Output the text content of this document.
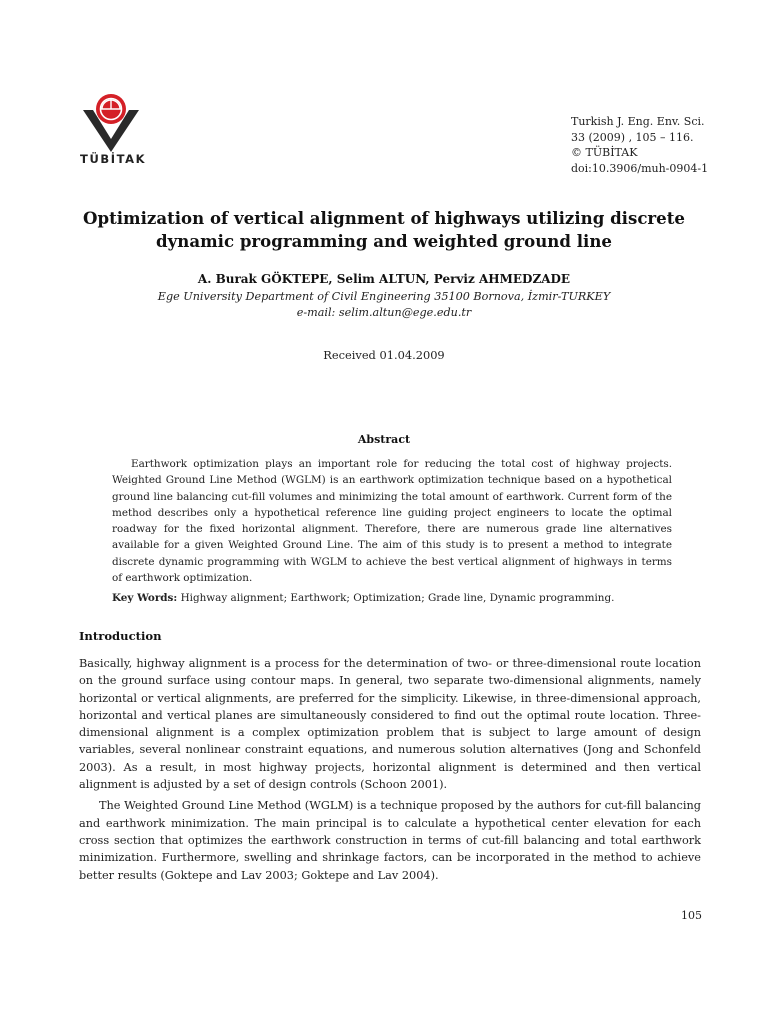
TÜBİTAK
Turkish J. Eng. Env. Sci.
33 (2009) , 105 – 116.
© TÜBİTAK
doi:10.3906/muh-0904-1
Optimization of vertical alignment of highways utilizing discrete
dynamic programming and weighted ground line
A. Burak GÖKTEPE, Selim ALTUN, Perviz AHMEDZADE
Ege University Department of Civil Engineering 35100 Bornova, İzmir-TURKEY
e-mail: selim.altun@ege.edu.tr
Received 01.04.2009
Abstract

Earthwork optimization plays an important role for reducing the total cost of highway projects. Weighted Ground Line Method (WGLM) is an earthwork optimization technique based on a hypothetical ground line balancing cut-fill volumes and minimizing the total amount of earthwork. Current form of the method describes only a hypothetical reference line guiding project engineers to locate the optimal roadway for the fixed horizontal alignment. Therefore, there are numerous grade line alternatives available for a given Weighted Ground Line. The aim of this study is to present a method to integrate discrete dynamic programming with WGLM to achieve the best vertical alignment of highways in terms of earthwork optimization.

Key Words: Highway alignment; Earthwork; Optimization; Grade line, Dynamic programming.
Introduction

Basically, highway alignment is a process for the determination of two- or three-dimensional route location on the ground surface using contour maps. In general, two separate two-dimensional alignments, namely horizontal or vertical alignments, are preferred for the simplicity. Likewise, in three-dimensional approach, horizontal and vertical planes are simultaneously considered to find out the optimal route location. Three-dimensional alignment is a complex optimization problem that is subject to large amount of design variables, several nonlinear constraint equations, and numerous solution alternatives (Jong and Schonfeld 2003). As a result, in most highway projects, horizontal alignment is determined and then vertical alignment is adjusted by a set of design controls (Schoon 2001).

The Weighted Ground Line Method (WGLM) is a technique proposed by the authors for cut-fill balancing and earthwork minimization. The main principal is to calculate a hypothetical center elevation for each cross section that optimizes the earthwork construction in terms of cut-fill balancing and total earthwork minimization. Furthermore, swelling and shrinkage factors, can be incorporated in the method to achieve better results (Goktepe and Lav 2003; Goktepe and Lav 2004).

105
